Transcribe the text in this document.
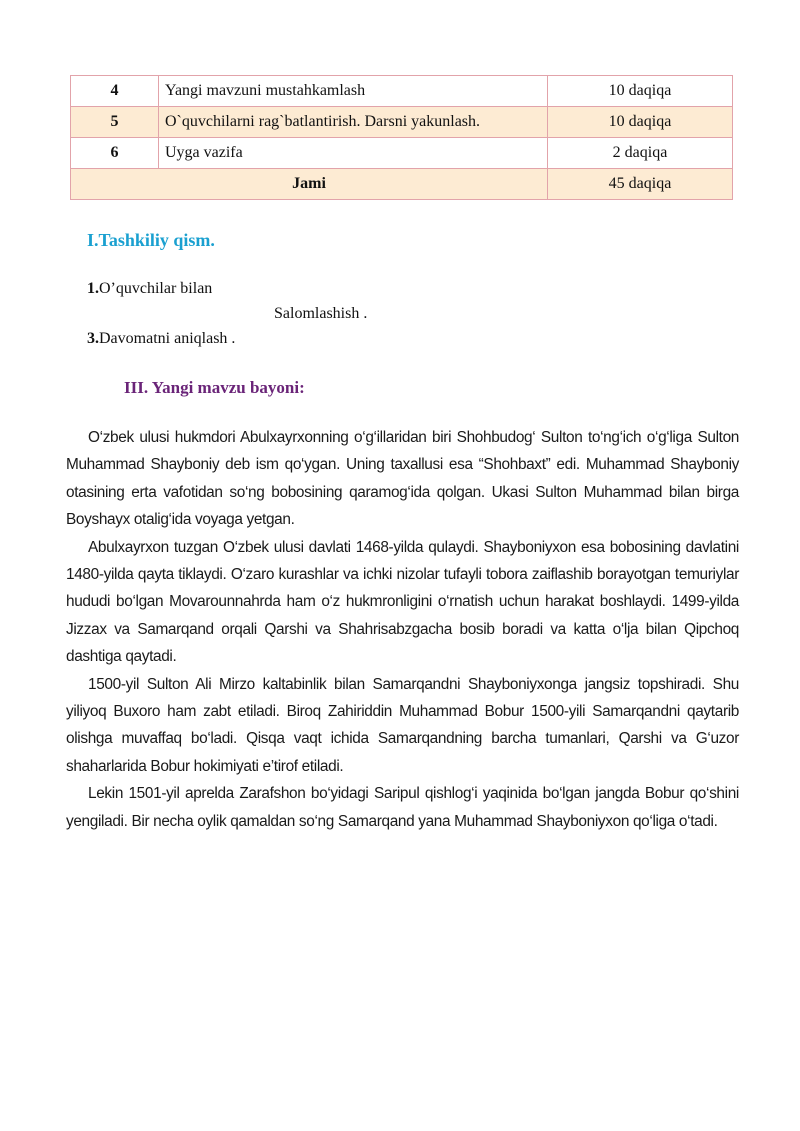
4	Yangi mavzuni mustahkamlash	10 daqiqa
5	O`quvchilarni rag`batlantirish. Darsni yakunlash.	10 daqiqa
6	Uyga vazifa	2 daqiqa
Jami		45 daqiqa
I.Tashkiliy qism.

1.O’quvchilar bilan

Salomlashish .

3.Davomatni aniqlash .

III. Yangi mavzu bayoni:

O‘zbek ulusi hukmdori Abulxayrxonning o‘g‘illaridan biri Shohbudog‘ Sulton to‘ng‘ich o‘g‘liga Sulton Muhammad Shayboniy deb ism qo‘ygan. Uning taxallusi esa “Shohbaxt” edi. Muhammad Shayboniy otasining erta vafotidan so‘ng bobosining qaramog‘ida qolgan. Ukasi Sulton Muhammad bilan birga Boyshayx otalig‘ida voyaga yetgan.

Abulxayrxon tuzgan O‘zbek ulusi davlati 1468-yilda qulaydi. Shayboniyxon esa bobosining davlatini 1480-yilda qayta tiklaydi. O‘zaro kurashlar va ichki nizolar tufayli tobora zaiflashib borayotgan temuriylar hududi bo‘lgan Movarounnahrda ham o‘z hukmronligini o‘rnatish uchun harakat boshlaydi. 1499-yilda Jizzax va Samarqand orqali Qarshi va Shahrisabzgacha bosib boradi va katta o‘lja bilan Qipchoq dashtiga qaytadi.

1500-yil Sulton Ali Mirzo kaltabinlik bilan Samarqandni Shayboniyxonga jangsiz topshiradi. Shu yiliyoq Buxoro ham zabt etiladi. Biroq Zahiriddin Muhammad Bobur 1500-yili Samarqandni qaytarib olishga muvaffaq bo‘ladi. Qisqa vaqt ichida Samarqandning barcha tumanlari, Qarshi va G‘uzor shaharlarida Bobur hokimiyati e’tirof etiladi.

Lekin 1501-yil aprelda Zarafshon bo‘yidagi Saripul qishlog‘i yaqinida bo‘lgan jangda Bobur qo‘shini yengiladi. Bir necha oylik qamaldan so‘ng Samarqand yana Muhammad Shayboniyxon qo‘liga o‘tadi.
